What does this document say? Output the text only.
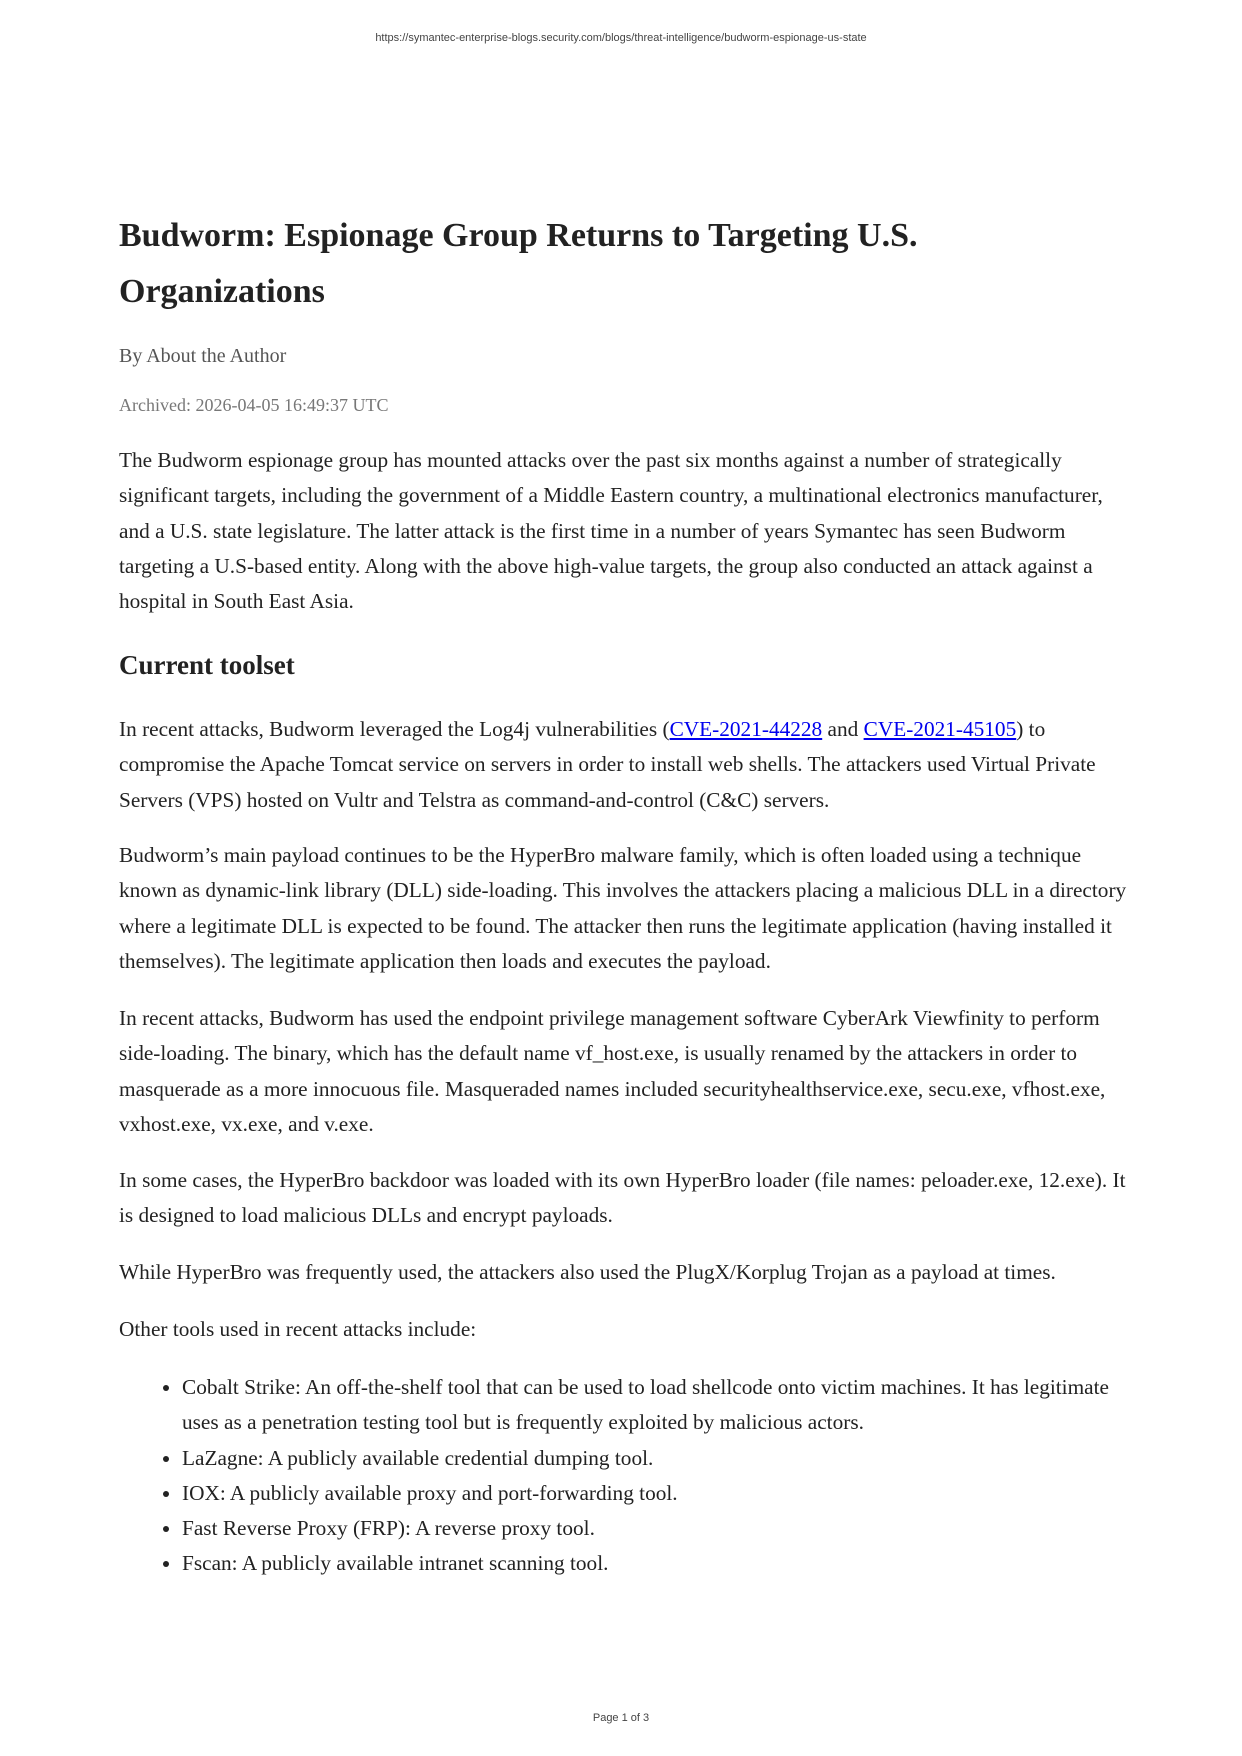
https://symantec-enterprise-blogs.security.com/blogs/threat-intelligence/budworm-espionage-us-state
Budworm: Espionage Group Returns to Targeting U.S. Organizations
By About the Author
Archived: 2026-04-05 16:49:37 UTC

The Budworm espionage group has mounted attacks over the past six months against a number of strategically significant targets, including the government of a Middle Eastern country, a multinational electronics manufacturer, and a U.S. state legislature. The latter attack is the first time in a number of years Symantec has seen Budworm targeting a U.S-based entity. Along with the above high-value targets, the group also conducted an attack against a hospital in South East Asia.

Current toolset

In recent attacks, Budworm leveraged the Log4j vulnerabilities (CVE-2021-44228 and CVE-2021-45105) to compromise the Apache Tomcat service on servers in order to install web shells. The attackers used Virtual Private Servers (VPS) hosted on Vultr and Telstra as command-and-control (C&C) servers.

Budworm’s main payload continues to be the HyperBro malware family, which is often loaded using a technique known as dynamic-link library (DLL) side-loading. This involves the attackers placing a malicious DLL in a directory where a legitimate DLL is expected to be found. The attacker then runs the legitimate application (having installed it themselves). The legitimate application then loads and executes the payload.

In recent attacks, Budworm has used the endpoint privilege management software CyberArk Viewfinity to perform side-loading. The binary, which has the default name vf_host.exe, is usually renamed by the attackers in order to masquerade as a more innocuous file. Masqueraded names included securityhealthservice.exe, secu.exe, vfhost.exe, vxhost.exe, vx.exe, and v.exe.

In some cases, the HyperBro backdoor was loaded with its own HyperBro loader (file names: peloader.exe, 12.exe). It is designed to load malicious DLLs and encrypt payloads.

While HyperBro was frequently used, the attackers also used the PlugX/Korplug Trojan as a payload at times.

Other tools used in recent attacks include:

• Cobalt Strike: An off-the-shelf tool that can be used to load shellcode onto victim machines. It has legitimate uses as a penetration testing tool but is frequently exploited by malicious actors.
• LaZagne: A publicly available credential dumping tool.
• IOX: A publicly available proxy and port-forwarding tool.
• Fast Reverse Proxy (FRP): A reverse proxy tool.
• Fscan: A publicly available intranet scanning tool.
Page 1 of 3
